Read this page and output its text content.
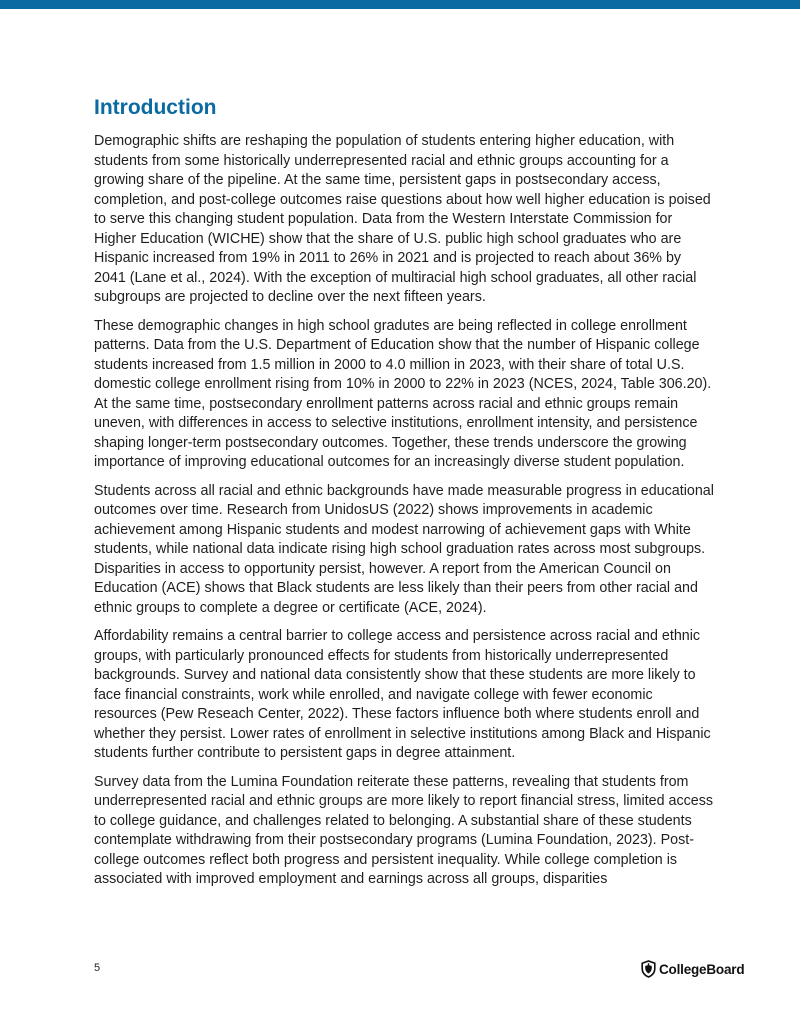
Introduction

Demographic shifts are reshaping the population of students entering higher education, with students from some historically underrepresented racial and ethnic groups accounting for a growing share of the pipeline. At the same time, persistent gaps in postsecondary access, completion, and post-college outcomes raise questions about how well higher education is poised to serve this changing student population. Data from the Western Interstate Commission for Higher Education (WICHE) show that the share of U.S. public high school graduates who are Hispanic increased from 19% in 2011 to 26% in 2021 and is projected to reach about 36% by 2041 (Lane et al., 2024). With the exception of multiracial high school graduates, all other racial subgroups are projected to decline over the next fifteen years.

These demographic changes in high school gradutes are being reflected in college enrollment patterns. Data from the U.S. Department of Education show that the number of Hispanic college students increased from 1.5 million in 2000 to 4.0 million in 2023, with their share of total U.S. domestic college enrollment rising from 10% in 2000 to 22% in 2023 (NCES, 2024, Table 306.20). At the same time, postsecondary enrollment patterns across racial and ethnic groups remain uneven, with differences in access to selective institutions, enrollment intensity, and persistence shaping longer-term postsecondary outcomes. Together, these trends underscore the growing importance of improving educational outcomes for an increasingly diverse student population.

Students across all racial and ethnic backgrounds have made measurable progress in educational outcomes over time. Research from UnidosUS (2022) shows improvements in academic achievement among Hispanic students and modest narrowing of achievement gaps with White students, while national data indicate rising high school graduation rates across most subgroups. Disparities in access to opportunity persist, however. A report from the American Council on Education (ACE) shows that Black students are less likely than their peers from other racial and ethnic groups to complete a degree or certificate (ACE, 2024).

Affordability remains a central barrier to college access and persistence across racial and ethnic groups, with particularly pronounced effects for students from historically underrepresented backgrounds. Survey and national data consistently show that these students are more likely to face financial constraints, work while enrolled, and navigate college with fewer economic resources (Pew Reseach Center, 2022). These factors influence both where students enroll and whether they persist. Lower rates of enrollment in selective institutions among Black and Hispanic students further contribute to persistent gaps in degree attainment.

Survey data from the Lumina Foundation reiterate these patterns, revealing that students from underrepresented racial and ethnic groups are more likely to report financial stress, limited access to college guidance, and challenges related to belonging. A substantial share of these students contemplate withdrawing from their postsecondary programs (Lumina Foundation, 2023). Post-college outcomes reflect both progress and persistent inequality. While college completion is associated with improved employment and earnings across all groups, disparities

5	CollegeBoard
